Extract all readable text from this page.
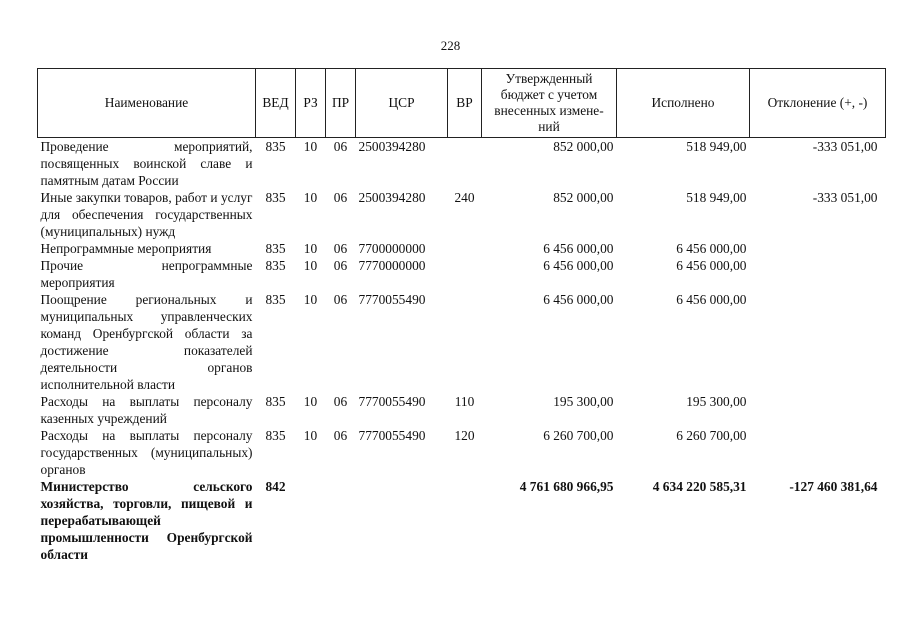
228
Наименование	ВЕД	РЗ	ПР	ЦСР	ВР	Утвержденный бюджет с учетом внесенных измене-ний	Исполнено	Отклонение (+, -)
Проведение мероприятий, посвященных воинской славе и памятным датам России	835	10	06	2500394280		852 000,00	518 949,00	-333 051,00
Иные закупки товаров, работ и услуг для обеспечения государственных (муниципальных) нужд	835	10	06	2500394280	240	852 000,00	518 949,00	-333 051,00
Непрограммные мероприятия	835	10	06	7700000000		6 456 000,00	6 456 000,00	
Прочие непрограммные мероприятия	835	10	06	7770000000		6 456 000,00	6 456 000,00	
Поощрение региональных и муниципальных управленческих команд Оренбургской области за достижение показателей деятельности органов исполнительной власти	835	10	06	7770055490		6 456 000,00	6 456 000,00	
Расходы на выплаты персоналу казенных учреждений	835	10	06	7770055490	110	195 300,00	195 300,00	
Расходы на выплаты персоналу государственных (муниципальных) органов	835	10	06	7770055490	120	6 260 700,00	6 260 700,00	
Министерство сельского хозяйства, торговли, пищевой и перерабатывающей промышленности Оренбургской области	842					4 761 680 966,95	4 634 220 585,31	-127 460 381,64
